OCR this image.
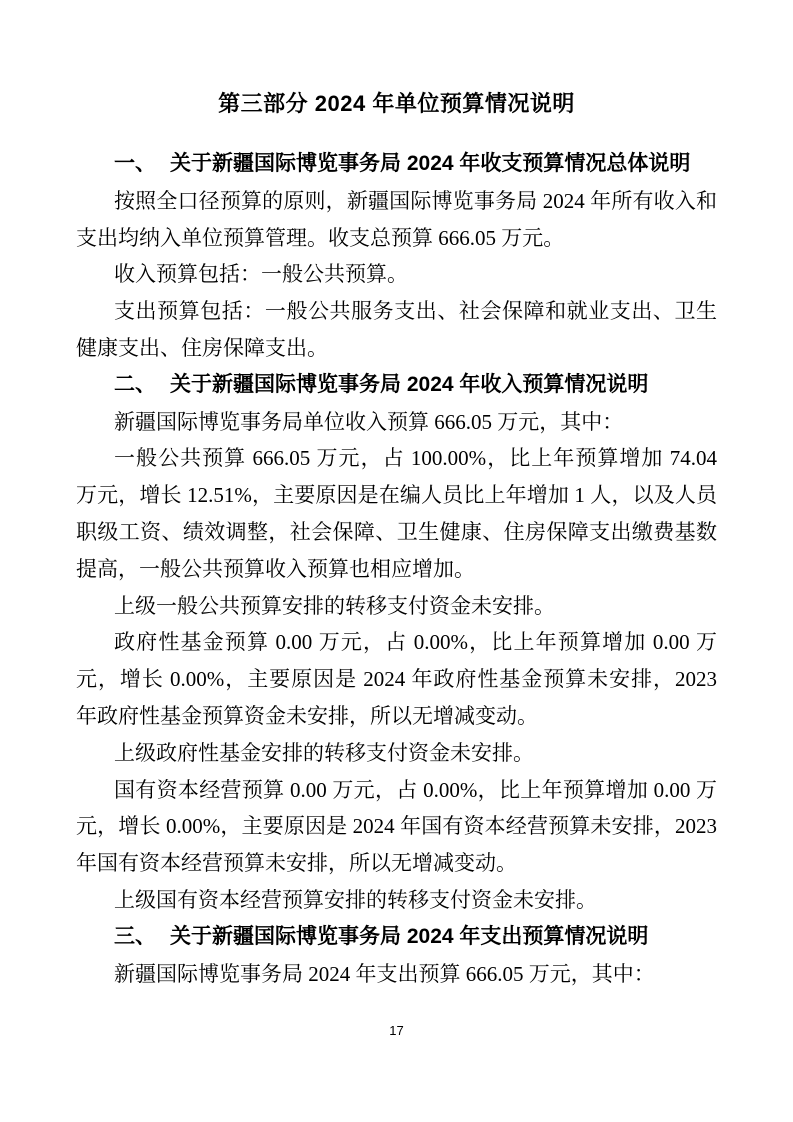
第三部分 2024 年单位预算情况说明

一、 关于新疆国际博览事务局 2024 年收支预算情况总体说明

按照全口径预算的原则，新疆国际博览事务局 2024 年所有收入和支出均纳入单位预算管理。收支总预算 666.05 万元。

收入预算包括：一般公共预算。

支出预算包括：一般公共服务支出、社会保障和就业支出、卫生健康支出、住房保障支出。

二、 关于新疆国际博览事务局 2024 年收入预算情况说明

新疆国际博览事务局单位收入预算 666.05 万元，其中：

一般公共预算 666.05 万元，占 100.00%，比上年预算增加 74.04 万元，增长 12.51%，主要原因是在编人员比上年增加 1 人，以及人员职级工资、绩效调整，社会保障、卫生健康、住房保障支出缴费基数提高，一般公共预算收入预算也相应增加。

上级一般公共预算安排的转移支付资金未安排。

政府性基金预算 0.00 万元，占 0.00%，比上年预算增加 0.00 万元，增长 0.00%，主要原因是 2024 年政府性基金预算未安排，2023 年政府性基金预算资金未安排，所以无增减变动。

上级政府性基金安排的转移支付资金未安排。

国有资本经营预算 0.00 万元，占 0.00%，比上年预算增加 0.00 万元，增长 0.00%，主要原因是 2024 年国有资本经营预算未安排，2023 年国有资本经营预算未安排，所以无增减变动。

上级国有资本经营预算安排的转移支付资金未安排。

三、 关于新疆国际博览事务局 2024 年支出预算情况说明

新疆国际博览事务局 2024 年支出预算 666.05 万元，其中：

17
